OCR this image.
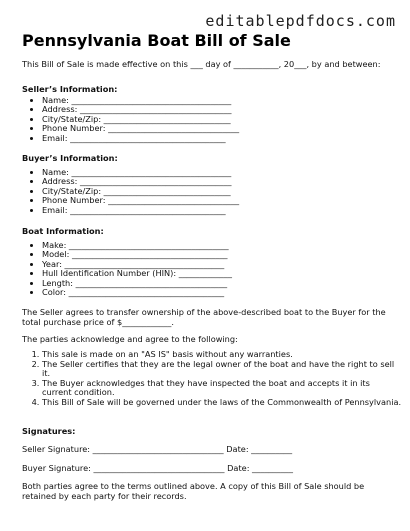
editablepdfdocs.com
Pennsylvania Boat Bill of Sale
This Bill of Sale is made effective on this ___ day of ___________, 20___, by and between:
Seller’s Information:
• Name: _______________________________________
• Address: _____________________________________
• City/State/Zip: _______________________________
• Phone Number: ________________________________
• Email: ______________________________________
Buyer’s Information:
• Name: _______________________________________
• Address: _____________________________________
• City/State/Zip: _______________________________
• Phone Number: ________________________________
• Email: ______________________________________
Boat Information:
• Make: _______________________________________
• Model: ______________________________________
• Year: _______________________________________
• Hull Identification Number (HIN): _____________
• Length: _____________________________________
• Color: ______________________________________
The Seller agrees to transfer ownership of the above-described boat to the Buyer for the total purchase price of $____________.
The parties acknowledge and agree to the following:
1. This sale is made on an "AS IS" basis without any warranties.
2. The Seller certifies that they are the legal owner of the boat and have the right to sell it.
3. The Buyer acknowledges that they have inspected the boat and accepts it in its current condition.
4. This Bill of Sale will be governed under the laws of the Commonwealth of Pennsylvania.
Signatures:
Seller Signature: ________________________________ Date: __________
Buyer Signature: ________________________________ Date: __________
Both parties agree to the terms outlined above. A copy of this Bill of Sale should be retained by each party for their records.
